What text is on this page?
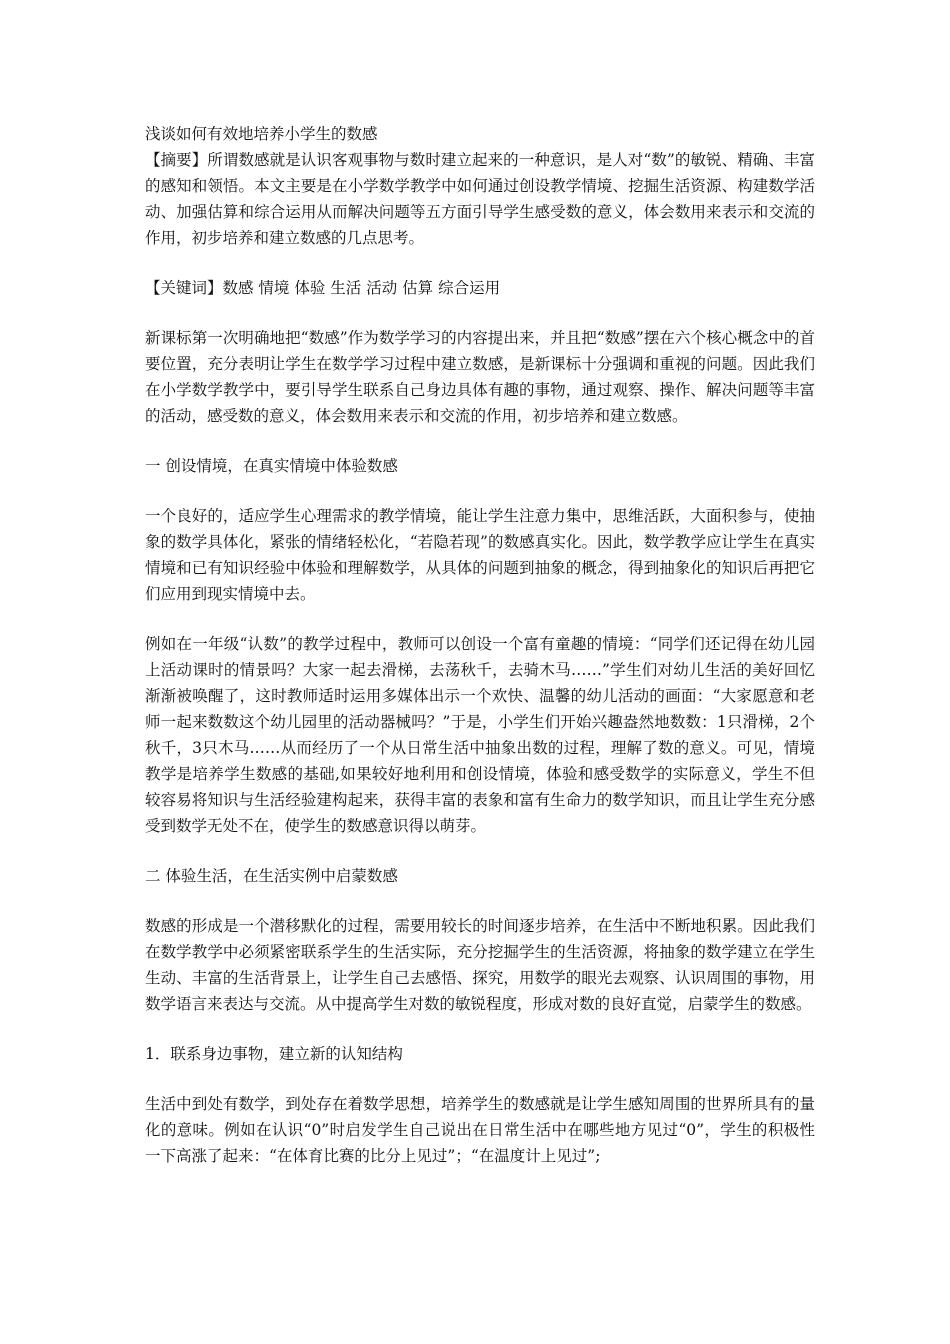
浅谈如何有效地培养小学生的数感

【摘要】所谓数感就是认识客观事物与数时建立起来的一种意识，是人对“数”的敏锐、精确、丰富的感知和领悟。本文主要是在小学数学教学中如何通过创设教学情境、挖掘生活资源、构建数学活动、加强估算和综合运用从而解决问题等五方面引导学生感受数的意义，体会数用来表示和交流的作用，初步培养和建立数感的几点思考。

【关键词】数感 情境 体验 生活 活动 估算 综合运用

新课标第一次明确地把“数感”作为数学学习的内容提出来，并且把“数感”摆在六个核心概念中的首要位置，充分表明让学生在数学学习过程中建立数感，是新课标十分强调和重视的问题。因此我们在小学数学教学中，要引导学生联系自己身边具体有趣的事物，通过观察、操作、解决问题等丰富的活动，感受数的意义，体会数用来表示和交流的作用，初步培养和建立数感。

一 创设情境，在真实情境中体验数感

一个良好的，适应学生心理需求的教学情境，能让学生注意力集中，思维活跃，大面积参与，使抽象的数学具体化，紧张的情绪轻松化，“若隐若现”的数感真实化。因此，数学教学应让学生在真实情境和已有知识经验中体验和理解数学，从具体的问题到抽象的概念，得到抽象化的知识后再把它们应用到现实情境中去。

例如在一年级“认数”的教学过程中，教师可以创设一个富有童趣的情境：“同学们还记得在幼儿园上活动课时的情景吗？大家一起去滑梯，去荡秋千，去骑木马……”学生们对幼儿生活的美好回忆渐渐被唤醒了，这时教师适时运用多媒体出示一个欢快、温馨的幼儿活动的画面：“大家愿意和老师一起来数数这个幼儿园里的活动器械吗？”于是，小学生们开始兴趣盎然地数数：1只滑梯，2个秋千，3只木马……从而经历了一个从日常生活中抽象出数的过程，理解了数的意义。可见，情境教学是培养学生数感的基础,如果较好地利用和创设情境，体验和感受数学的实际意义，学生不但较容易将知识与生活经验建构起来，获得丰富的表象和富有生命力的数学知识，而且让学生充分感受到数学无处不在，使学生的数感意识得以萌芽。

二 体验生活，在生活实例中启蒙数感

数感的形成是一个潜移默化的过程，需要用较长的时间逐步培养，在生活中不断地积累。因此我们在数学教学中必须紧密联系学生的生活实际，充分挖掘学生的生活资源，将抽象的数学建立在学生生动、丰富的生活背景上，让学生自己去感悟、探究，用数学的眼光去观察、认识周围的事物，用数学语言来表达与交流。从中提高学生对数的敏锐程度，形成对数的良好直觉，启蒙学生的数感。

1．联系身边事物，建立新的认知结构

生活中到处有数学，到处存在着数学思想，培养学生的数感就是让学生感知周围的世界所具有的量化的意味。例如在认识“0”时启发学生自己说出在日常生活中在哪些地方见过“0”，学生的积极性一下高涨了起来：“在体育比赛的比分上见过”；“在温度计上见过”;
